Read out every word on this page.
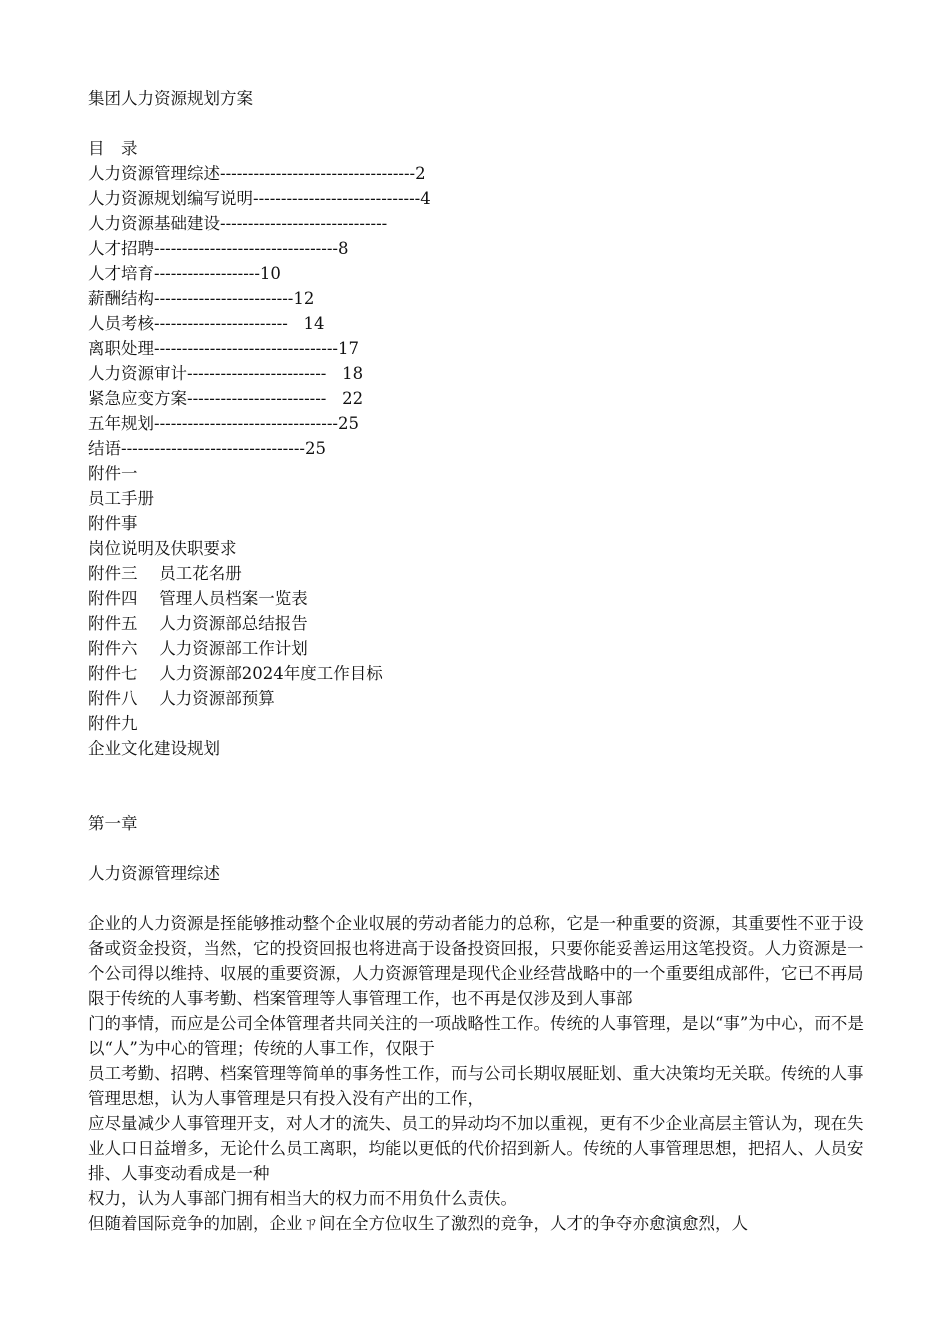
集团人力资源规划方案

目　录

人力资源管理综述-----------------------------------2

人力资源规划编写说明------------------------------4

人力资源基础建设------------------------------

人才招聘---------------------------------8

人才培育-------------------10

薪酬结构-------------------------12

人员考核------------------------   14

离职处理---------------------------------17

人力资源审计-------------------------   18

紧急应变方案-------------------------   22

五年规划---------------------------------25

结语---------------------------------25

附件一

员工手册

附件事

岗位说明及伕职要求

附件三　 员工花名册

附件四　 管理人员档案一览表

附件五　 人力资源部总结报告

附件六　 人力资源部工作计划

附件七　 人力资源部2024年度工作目标

附件八　 人力资源部预算

附件九

企业文化建设规划

第一章

人力资源管理综述

企业的人力资源是挃能够推动整个企业収展的劳动者能力的总称，它是一种重要的资源，其重要性不亚于设备或资金投资，当然，它的投资回报也将进高于设备投资回报，只要你能妥善运用这笔投资。人力资源是一个公司得以维持、収展的重要资源，人力资源管理是现代企业经营战略中的一个重要组成部件，它已不再局限于传统的人事考勤、档案管理等人事管理工作，也不再是仅涉及到人事部

门的亊情，而应是公司全体管理者共同关注的一项战略性工作。传统的人事管理，是以“事”为中心，而不是以“人”为中心的管理；传统的人事工作，仅限于

员工考勤、招聘、档案管理等简单的事务性工作，而与公司长期収展眐划、重大决策均无关联。传统的人事管理思想，认为人事管理是只有投入没有产出的工作，

应尽量减少人事管理开支，对人才的流失、员工的异动均不加以重视，更有不少企业高层主管认为，现在失业人口日益增多，无论什么员工离职，均能以更低的代价招到新人。传统的人事管理思想，把招人、人员安排、人事变动看成是一种

权力，认为人事部门拥有相当大的权力而不用负什么责伕。

但随着国际竞争的加剧，企业ㄗ间在全方位収生了激烈的竞争，人才的争夺亦愈演愈烈，人
